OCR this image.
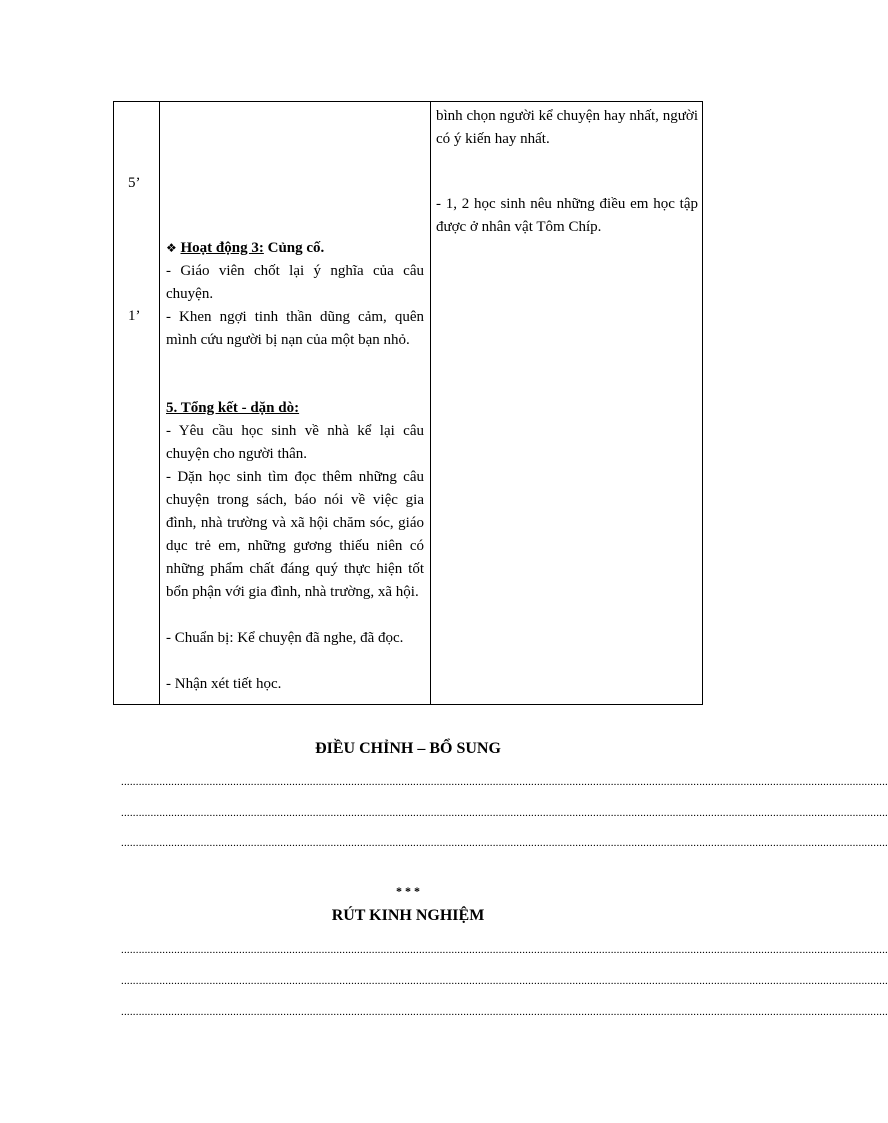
5’
1’
❖ Hoạt động 3: Củng cố.
- Giáo viên chốt lại ý nghĩa của câu chuyện.
- Khen ngợi tinh thần dũng cảm, quên mình cứu người bị nạn của một bạn nhỏ.
5. Tổng kết - dặn dò:
- Yêu cầu học sinh về nhà kể lại câu chuyện cho người thân.
- Dặn học sinh tìm đọc thêm những câu chuyện trong sách, báo nói về việc gia đình, nhà trường và xã hội chăm sóc, giáo dục trẻ em, những gương thiếu niên có những phẩm chất đáng quý thực hiện tốt bổn phận với gia đình, nhà trường, xã hội.
- Chuẩn bị: Kể chuyện đã nghe, đã đọc.
- Nhận xét tiết học.
bình chọn người kể chuyện hay nhất, người có ý kiến hay nhất.
- 1, 2 học sinh nêu những điều em học tập được ở nhân vật Tôm Chíp.
ĐIỀU CHỈNH – BỔ SUNG
....................................................................................................................................................................................................................................................................
....................................................................................................................................................................................................................................................................
....................................................................................................................................................................................................................................................................
* * *
RÚT KINH NGHIỆM
....................................................................................................................................................................................................................................................................
....................................................................................................................................................................................................................................................................
....................................................................................................................................................................................................................................................................
